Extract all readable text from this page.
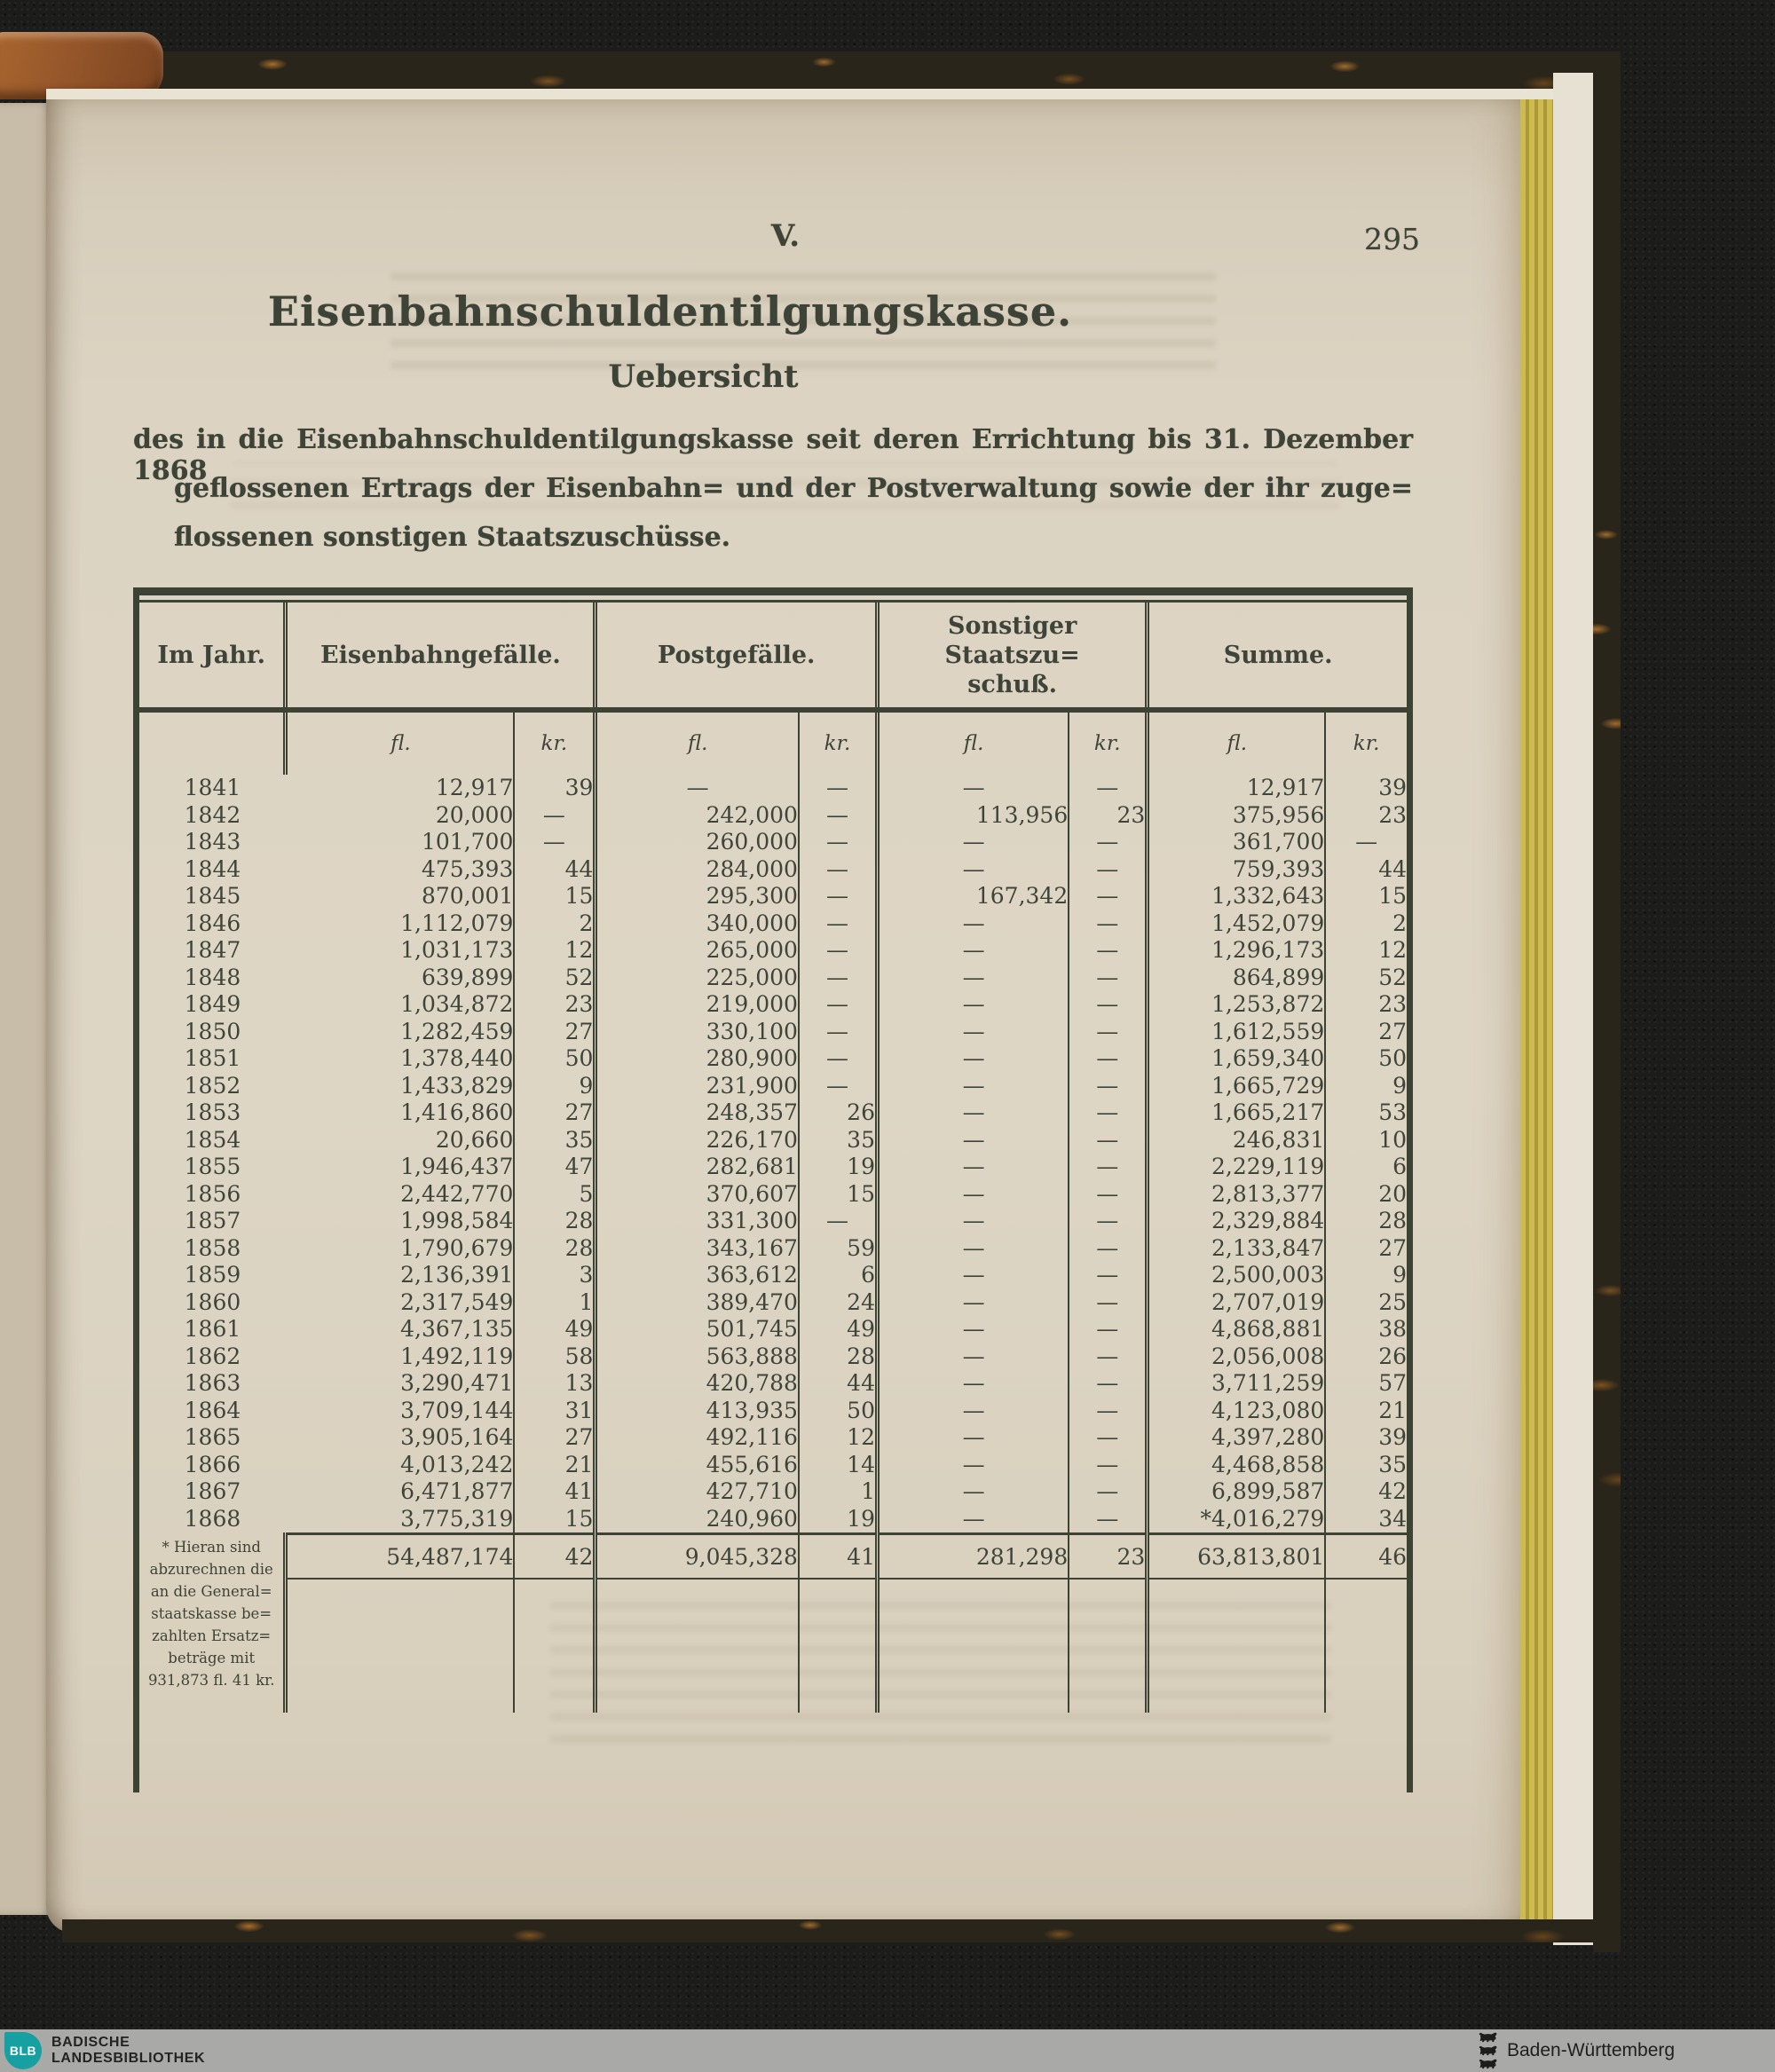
V.	295
Eisenbahnschuldentilgungskasse.
Uebersicht
des in die Eisenbahnschuldentilgungskasse seit deren Errichtung bis 31. Dezember 1868
geflossenen Ertrags der Eisenbahn= und der Postverwaltung sowie der ihr zuge=
flossenen sonstigen Staatszuschüsse.
Im Jahr.	Eisenbahngefälle.		Postgefälle.		Sonstiger Staatszu=
schuß.		Summe.	
	fl.	kr.	fl.	kr.	fl.	kr.	fl.	kr.
1841	12,917	39	—	—	—	—	12,917	39
1842	20,000	—	242,000	—	113,956	23	375,956	23
1843	101,700	—	260,000	—	—	—	361,700	—
1844	475,393	44	284,000	—	—	—	759,393	44
1845	870,001	15	295,300	—	167,342	—	1,332,643	15
1846	1,112,079	2	340,000	—	—	—	1,452,079	2
1847	1,031,173	12	265,000	—	—	—	1,296,173	12
1848	639,899	52	225,000	—	—	—	864,899	52
1849	1,034,872	23	219,000	—	—	—	1,253,872	23
1850	1,282,459	27	330,100	—	—	—	1,612,559	27
1851	1,378,440	50	280,900	—	—	—	1,659,340	50
1852	1,433,829	9	231,900	—	—	—	1,665,729	9
1853	1,416,860	27	248,357	26	—	—	1,665,217	53
1854	20,660	35	226,170	35	—	—	246,831	10
1855	1,946,437	47	282,681	19	—	—	2,229,119	6
1856	2,442,770	5	370,607	15	—	—	2,813,377	20
1857	1,998,584	28	331,300	—	—	—	2,329,884	28
1858	1,790,679	28	343,167	59	—	—	2,133,847	27
1859	2,136,391	3	363,612	6	—	—	2,500,003	9
1860	2,317,549	1	389,470	24	—	—	2,707,019	25
1861	4,367,135	49	501,745	49	—	—	4,868,881	38
1862	1,492,119	58	563,888	28	—	—	2,056,008	26
1863	3,290,471	13	420,788	44	—	—	3,711,259	57
1864	3,709,144	31	413,935	50	—	—	4,123,080	21
1865	3,905,164	27	492,116	12	—	—	4,397,280	39
1866	4,013,242	21	455,616	14	—	—	4,468,858	35
1867	6,471,877	41	427,710	1	—	—	6,899,587	42
1868	3,775,319	15	240,960	19	—	—	*4,016,279	34

* Hieran sind
abzurechnen die
an die General=
staatskasse be=
zahlten Ersatz=
beträge mit
931,873 fl. 41 kr.
	54,487,174	42	9,045,328	41	281,298	23	63,813,801	46

BLB
BADISCHE
LANDESBIBLIOTHEK	Baden-Württemberg
